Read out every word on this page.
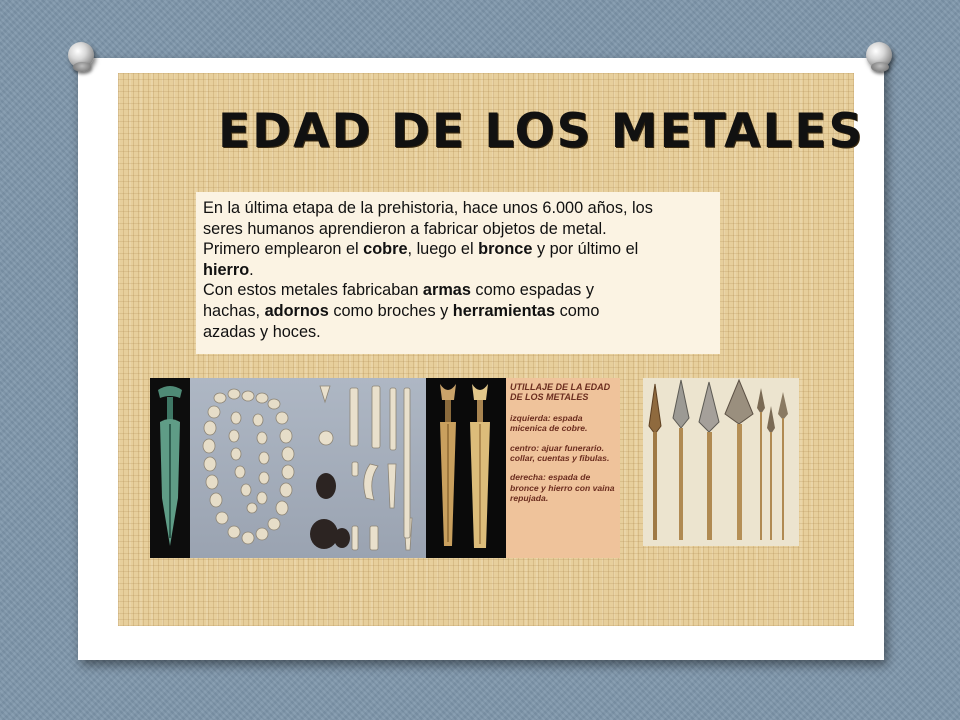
EDAD DE LOS METALES

En la última etapa de la prehistoria, hace unos 6.000 años, los

seres humanos aprendieron a fabricar objetos de metal.

Primero emplearon el cobre, luego el bronce y por último el

hierro.

Con estos metales fabricaban armas como espadas y

hachas, adornos como broches y herramientas como

azadas y hoces.

UTILLAJE DE LA EDAD DE LOS METALES

izquierda: espada micenica de cobre.

centro: ajuar funerario. collar, cuentas y fibulas.

derecha: espada de bronce y hierro con vaina repujada.
